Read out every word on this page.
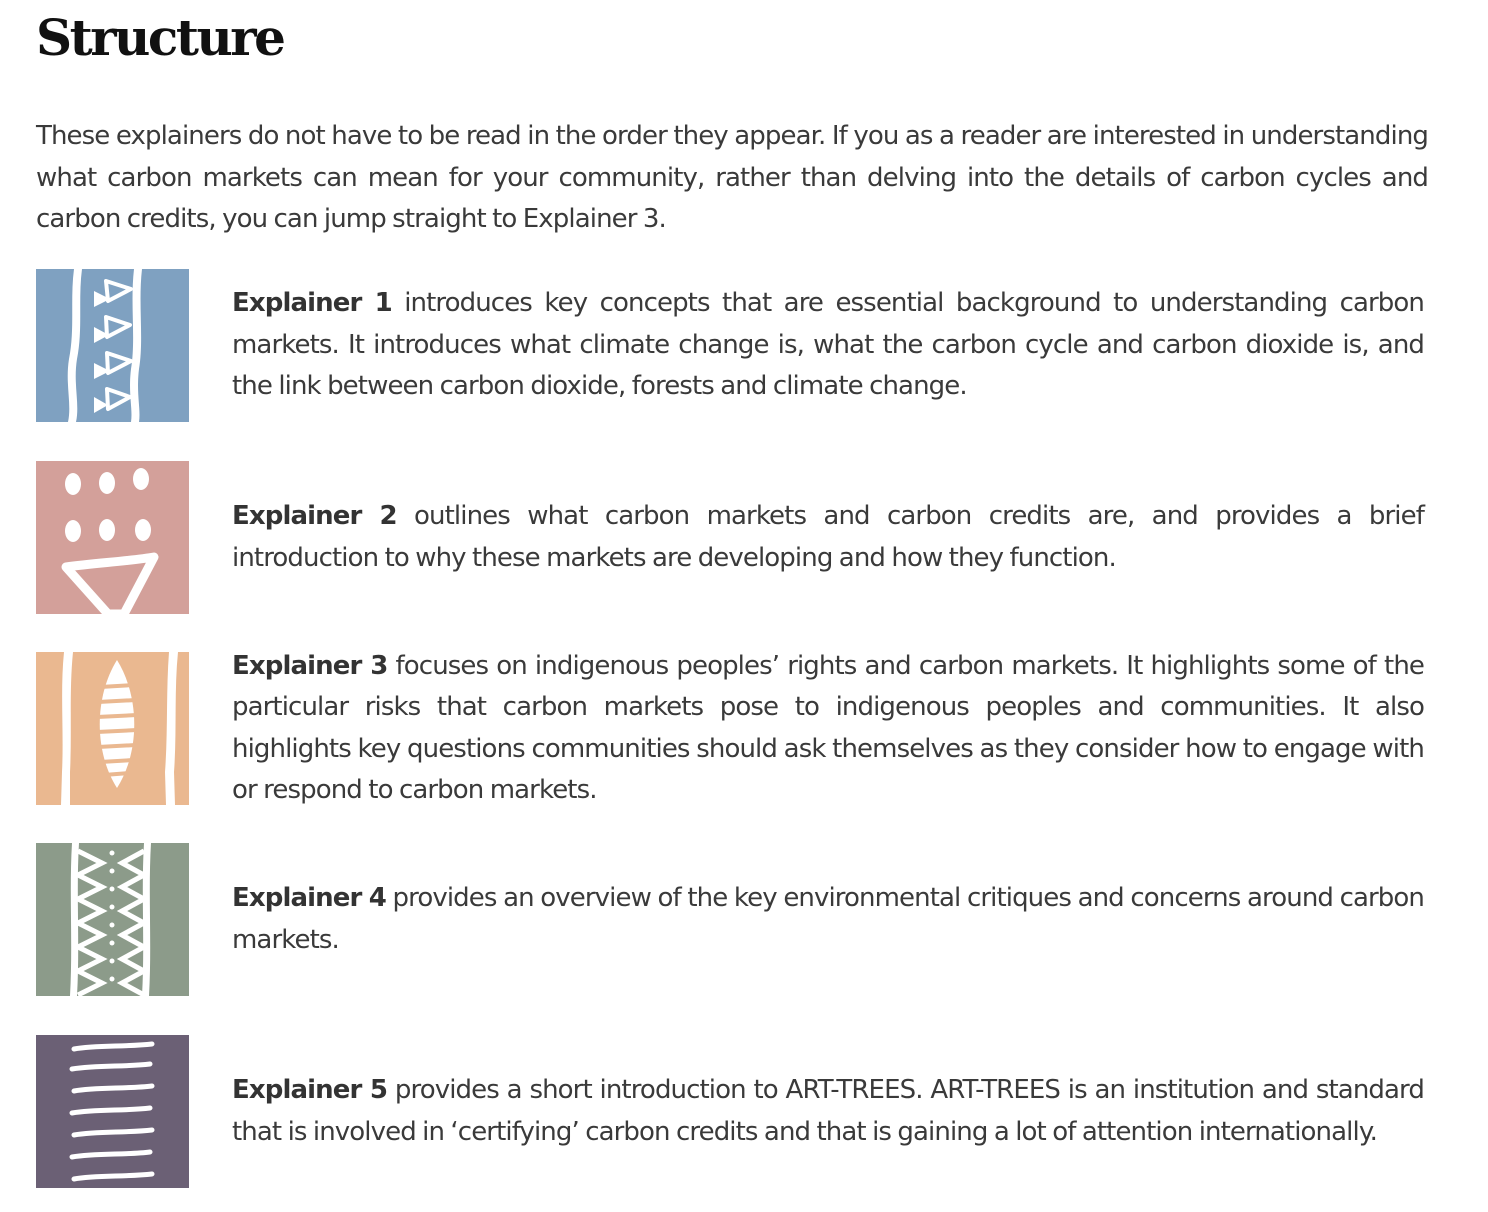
Structure

These explainers do not have to be read in the order they appear. If you as a reader are interested in understanding what carbon markets can mean for your community, rather than delving into the details of carbon cycles and carbon credits, you can jump straight to Explainer 3.

Explainer 1 introduces key concepts that are essential background to understanding carbon markets. It introduces what climate change is, what the carbon cycle and carbon dioxide is, and the link between carbon dioxide, forests and climate change.

Explainer 2 outlines what carbon markets and carbon credits are, and provides a brief introduction to why these markets are developing and how they function.

Explainer 3 focuses on indigenous peoples’ rights and carbon markets. It highlights some of the particular risks that carbon markets pose to indigenous peoples and communities. It also highlights key questions communities should ask themselves as they consider how to engage with or respond to carbon markets.

Explainer 4 provides an overview of the key environmental critiques and concerns around carbon markets.

Explainer 5 provides a short introduction to ART-TREES. ART-TREES is an institution and standard that is involved in ‘certifying’ carbon credits and that is gaining a lot of attention internationally.
